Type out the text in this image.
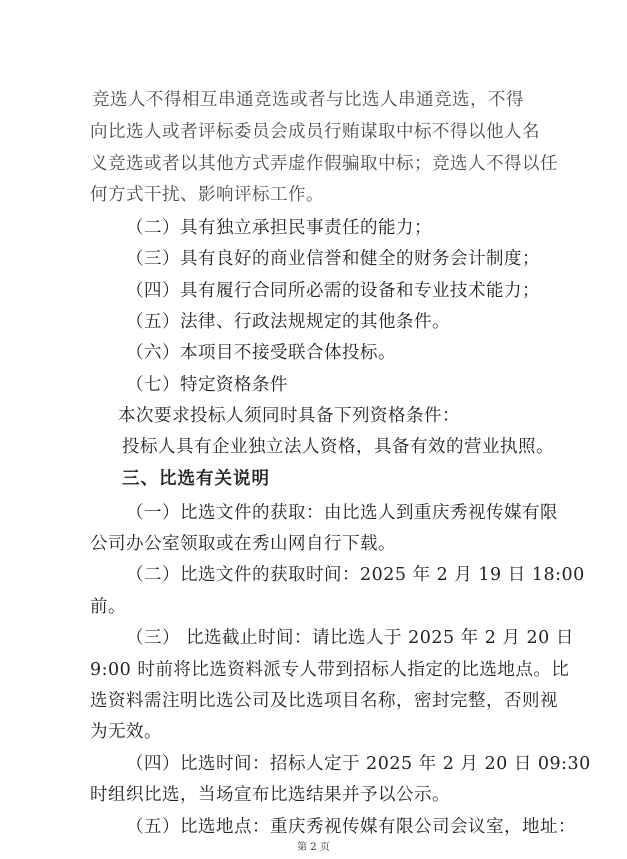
竞选人不得相互串通竞选或者与比选人串通竞选，不得
向比选人或者评标委员会成员行贿谋取中标不得以他人名
义竞选或者以其他方式弄虚作假骗取中标；竞选人不得以任
何方式干扰、影响评标工作。
（二）具有独立承担民事责任的能力；
（三）具有良好的商业信誉和健全的财务会计制度；
（四）具有履行合同所必需的设备和专业技术能力；
（五）法律、行政法规规定的其他条件。
（六）本项目不接受联合体投标。
（七）特定资格条件
本次要求投标人须同时具备下列资格条件：
投标人具有企业独立法人资格，具备有效的营业执照。
三、比选有关说明
（一）比选文件的获取：由比选人到重庆秀视传媒有限
公司办公室领取或在秀山网自行下载。
（二）比选文件的获取时间：2025 年 2 月 19 日 18:00
前。
（三） 比选截止时间：请比选人于 2025 年 2 月 20 日
9:00 时前将比选资料派专人带到招标人指定的比选地点。比
选资料需注明比选公司及比选项目名称，密封完整，否则视
为无效。
（四）比选时间：招标人定于 2025 年 2 月 20 日 09:30
时组织比选，当场宣布比选结果并予以公示。
（五）比选地点：重庆秀视传媒有限公司会议室，地址：
第 2 页
